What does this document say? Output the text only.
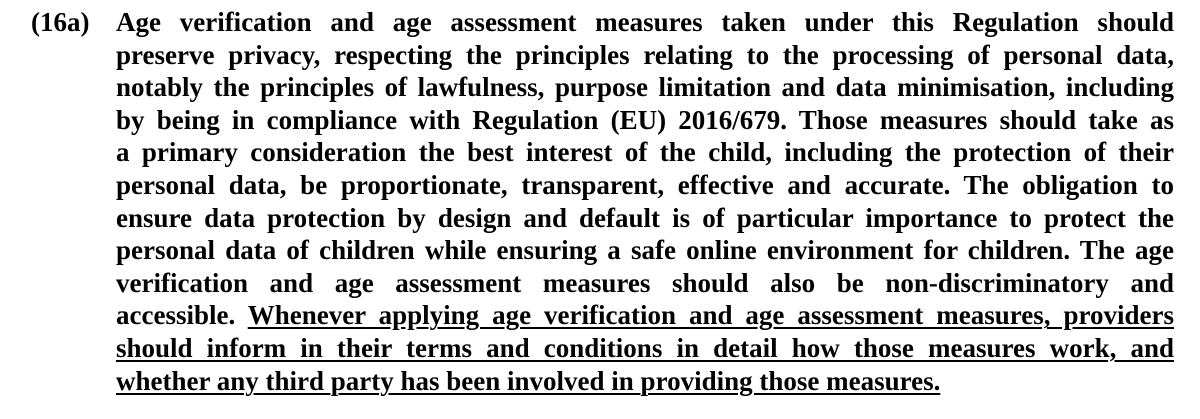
(16a) Age verification and age assessment measures taken under this Regulation should
preserve privacy, respecting the principles relating to the processing of personal data,
notably the principles of lawfulness, purpose limitation and data minimisation, including
by being in compliance with Regulation (EU) 2016/679. Those measures should take as
a primary consideration the best interest of the child, including the protection of their
personal data, be proportionate, transparent, effective and accurate. The obligation to
ensure data protection by design and default is of particular importance to protect the
personal data of children while ensuring a safe online environment for children. The age
verification and age assessment measures should also be non-discriminatory and
accessible. Whenever applying age verification and age assessment measures, providers
should inform in their terms and conditions in detail how those measures work, and
whether any third party has been involved in providing those measures.
